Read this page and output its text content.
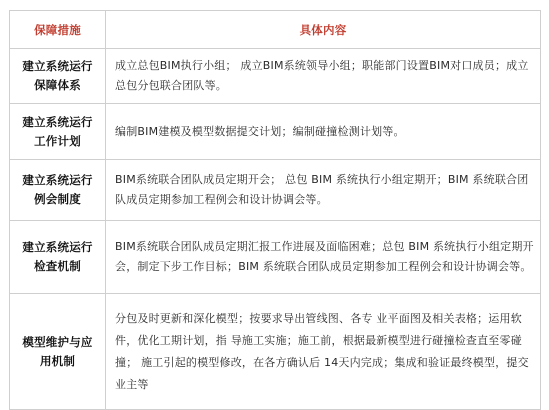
保障措施	具体内容

建立系统运行
保障体系	成立总包BIM执行小组； 成立BIM系统领导小组；职能部门设置BIM对口成员；成立总包分包联合团队等。

建立系统运行
工作计划	编制BIM建模及模型数据提交计划；编制碰撞检测计划等。

建立系统运行
例会制度	BIM系统联合团队成员定期开会； 总包 BIM 系统执行小组定期开；BIM 系统联合团队成员定期参加工程例会和设计协调会等。

建立系统运行
检查机制	BIM系统联合团队成员定期汇报工作进展及面临困难；总包 BIM 系统执行小组定期开会，制定下步工作目标；BIM 系统联合团队成员定期参加工程例会和设计协调会等。

模型维护与应
用机制	分包及时更新和深化模型；按要求导出管线图、各专 业平面图及相关表格；运用软件，优化工期计划，指 导施工实施；施工前，根据最新模型进行碰撞检查直至零碰撞； 施工引起的模型修改，在各方确认后 14天内完成；集成和验证最终模型，提交业主等
